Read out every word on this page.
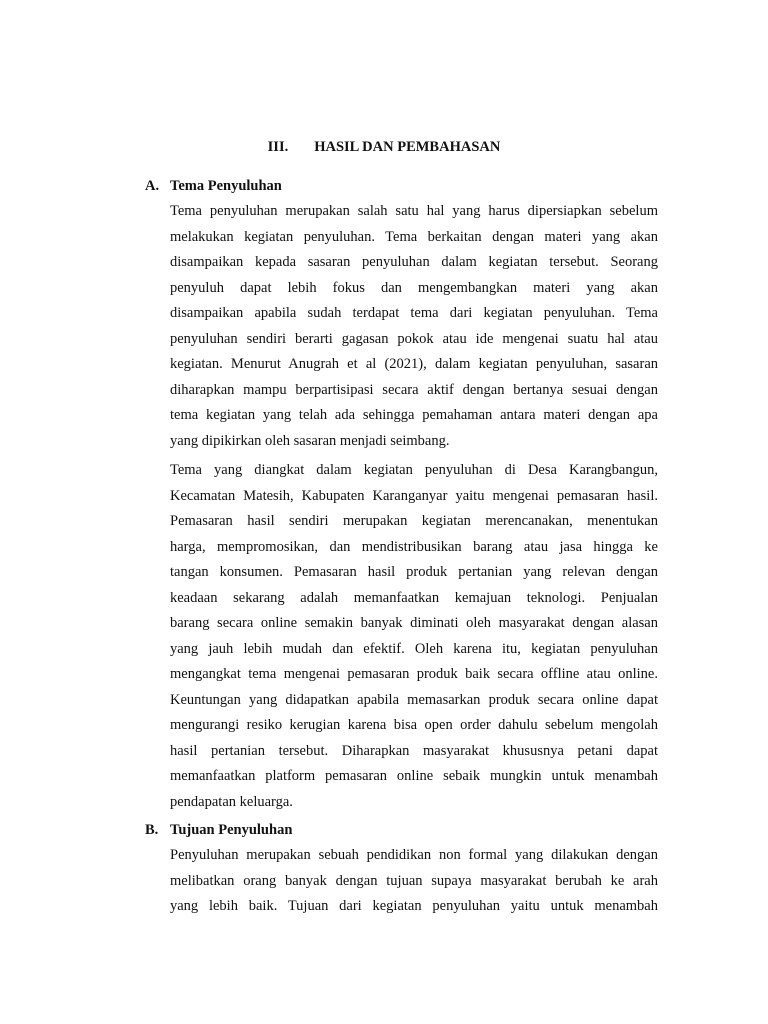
III. HASIL DAN PEMBAHASAN
A. Tema Penyuluhan
Tema penyuluhan merupakan salah satu hal yang harus dipersiapkan sebelum
melakukan kegiatan penyuluhan. Tema berkaitan dengan materi yang akan
disampaikan kepada sasaran penyuluhan dalam kegiatan tersebut. Seorang
penyuluh dapat lebih fokus dan mengembangkan materi yang akan
disampaikan apabila sudah terdapat tema dari kegiatan penyuluhan. Tema
penyuluhan sendiri berarti gagasan pokok atau ide mengenai suatu hal atau
kegiatan. Menurut Anugrah et al (2021), dalam kegiatan penyuluhan, sasaran
diharapkan mampu berpartisipasi secara aktif dengan bertanya sesuai dengan
tema kegiatan yang telah ada sehingga pemahaman antara materi dengan apa
yang dipikirkan oleh sasaran menjadi seimbang.
Tema yang diangkat dalam kegiatan penyuluhan di Desa Karangbangun,
Kecamatan Matesih, Kabupaten Karanganyar yaitu mengenai pemasaran hasil.
Pemasaran hasil sendiri merupakan kegiatan merencanakan, menentukan
harga, mempromosikan, dan mendistribusikan barang atau jasa hingga ke
tangan konsumen. Pemasaran hasil produk pertanian yang relevan dengan
keadaan sekarang adalah memanfaatkan kemajuan teknologi. Penjualan
barang secara online semakin banyak diminati oleh masyarakat dengan alasan
yang jauh lebih mudah dan efektif. Oleh karena itu, kegiatan penyuluhan
mengangkat tema mengenai pemasaran produk baik secara offline atau online.
Keuntungan yang didapatkan apabila memasarkan produk secara online dapat
mengurangi resiko kerugian karena bisa open order dahulu sebelum mengolah
hasil pertanian tersebut. Diharapkan masyarakat khususnya petani dapat
memanfaatkan platform pemasaran online sebaik mungkin untuk menambah
pendapatan keluarga.
B. Tujuan Penyuluhan
Penyuluhan merupakan sebuah pendidikan non formal yang dilakukan dengan
melibatkan orang banyak dengan tujuan supaya masyarakat berubah ke arah
yang lebih baik. Tujuan dari kegiatan penyuluhan yaitu untuk menambah
